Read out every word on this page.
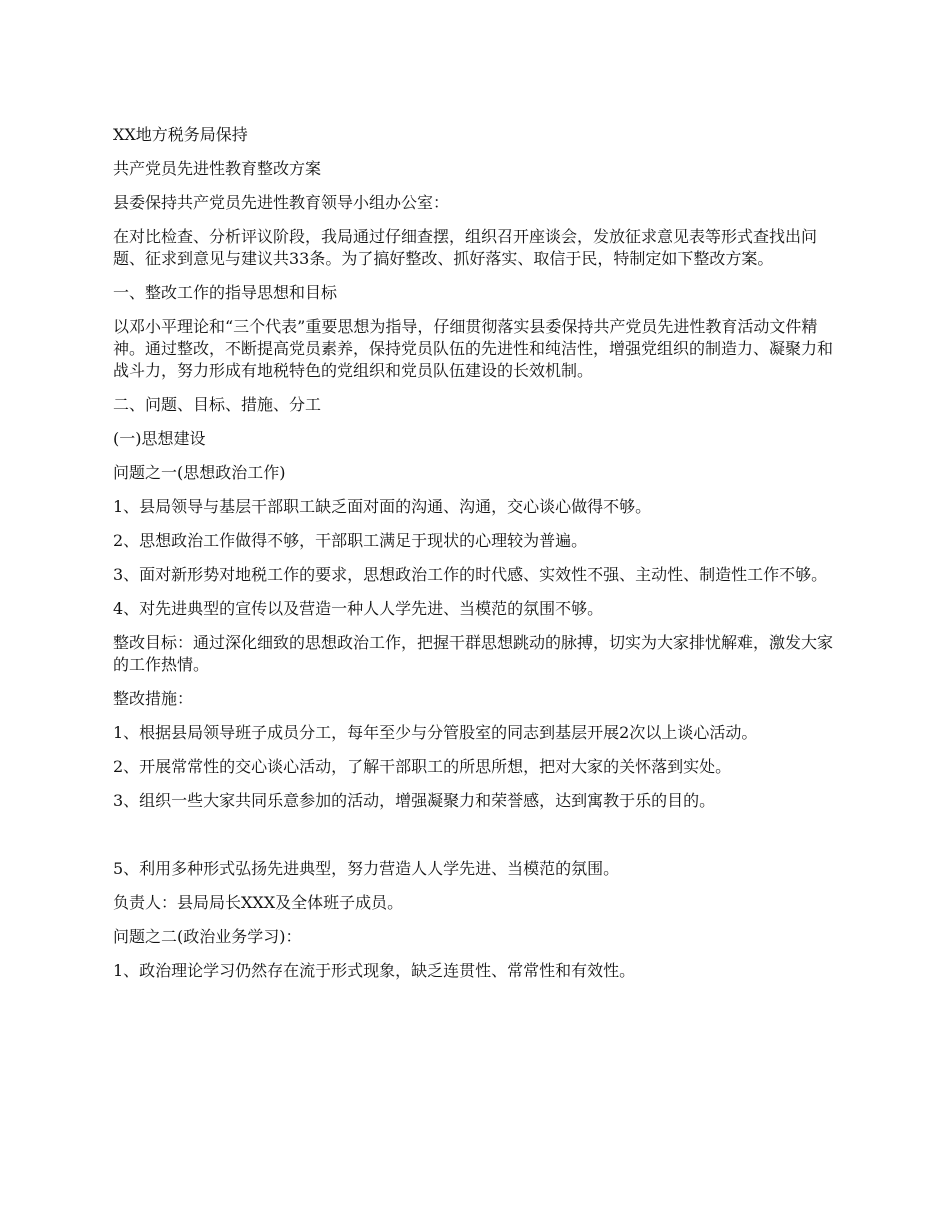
XX地方税务局保持

共产党员先进性教育整改方案

县委保持共产党员先进性教育领导小组办公室：

在对比检查、分析评议阶段，我局通过仔细查摆，组织召开座谈会，发放征求意见表等形式查找出问题、征求到意见与建议共33条。为了搞好整改、抓好落实、取信于民，特制定如下整改方案。

一、整改工作的指导思想和目标

以邓小平理论和“三个代表”重要思想为指导，仔细贯彻落实县委保持共产党员先进性教育活动文件精神。通过整改，不断提高党员素养，保持党员队伍的先进性和纯洁性，增强党组织的制造力、凝聚力和战斗力，努力形成有地税特色的党组织和党员队伍建设的长效机制。

二、问题、目标、措施、分工

(一)思想建设

问题之一(思想政治工作)

1、县局领导与基层干部职工缺乏面对面的沟通、沟通，交心谈心做得不够。

2、思想政治工作做得不够，干部职工满足于现状的心理较为普遍。

3、面对新形势对地税工作的要求，思想政治工作的时代感、实效性不强、主动性、制造性工作不够。

4、对先进典型的宣传以及营造一种人人学先进、当模范的氛围不够。

整改目标：通过深化细致的思想政治工作，把握干群思想跳动的脉搏，切实为大家排忧解难，激发大家的工作热情。

整改措施：

1、根据县局领导班子成员分工，每年至少与分管股室的同志到基层开展2次以上谈心活动。

2、开展常常性的交心谈心活动，了解干部职工的所思所想，把对大家的关怀落到实处。

3、组织一些大家共同乐意参加的活动，增强凝聚力和荣誉感，达到寓教于乐的目的。

5、利用多种形式弘扬先进典型，努力营造人人学先进、当模范的氛围。

负责人：县局局长XXX及全体班子成员。

问题之二(政治业务学习)：

1、政治理论学习仍然存在流于形式现象，缺乏连贯性、常常性和有效性。
